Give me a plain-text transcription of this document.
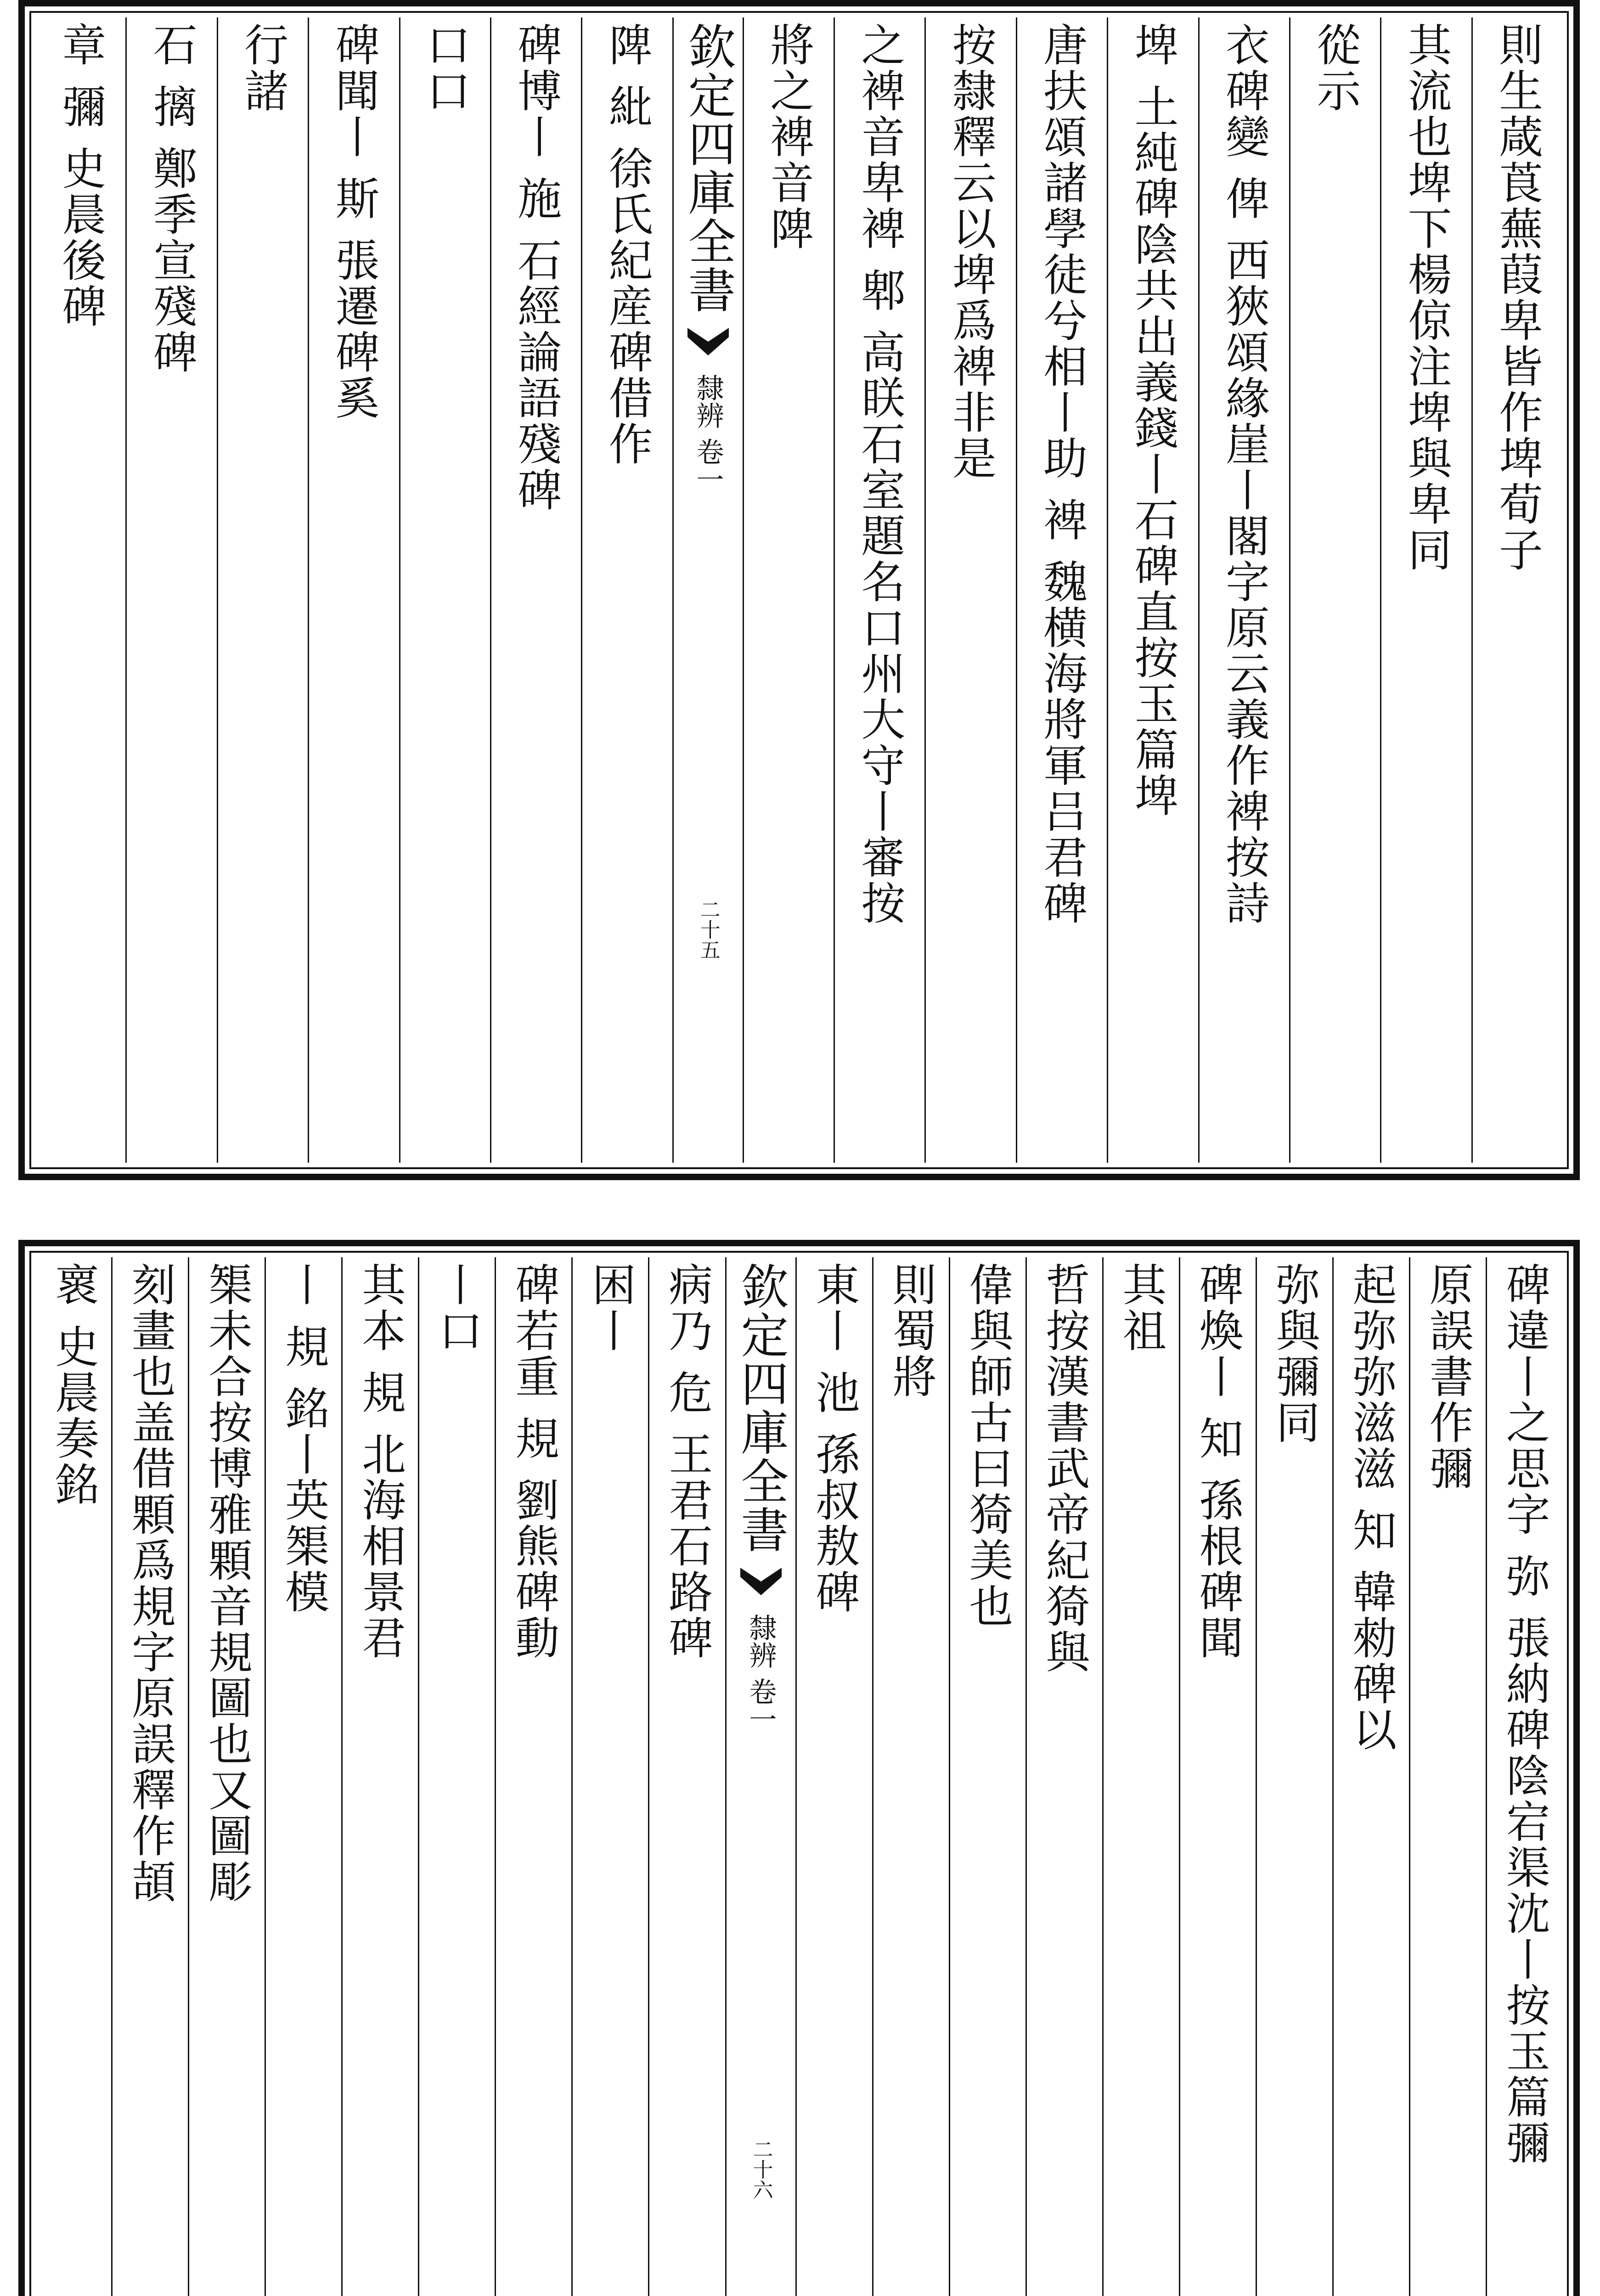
則生葴莨蕪葭卑皆作埤荀子
其流也埤下楊倞注埤與卑同
從示
衣碑變 俾 西狹頌緣崖丨閣字原云義作裨按詩
埤 土純碑陰共出義錢丨石碑直按玉篇埤
唐扶頌諸學徒兮相丨助 裨 魏横海將軍吕君碑
按隸釋云以埤爲裨非是
之裨音卑裨 郫 高眹石室題名口州大守丨審按
將之裨音陴
欽定四庫全書
隸辨 卷一
二十五
陴 紕 徐氏紀産碑借作
碑博丨 施 石經論語殘碑
口口
碑聞丨 斯 張遷碑奚
行諸
石 摛 鄭季宣殘碑
章 彌 史晨後碑
碑違丨之思字 弥 張納碑陰宕渠沈丨按玉篇彌
原誤書作彌
起弥弥滋滋 知 韓勑碑以
弥與彌同
碑煥丨 知 孫根碑聞
其祖
哲按漢書武帝紀猗與
偉與師古曰猗美也
則蜀將
東丨 池 孫叔敖碑
欽定四庫全書
隸辨 卷一
二十六
病乃 危 王君石路碑
困丨
碑若重 規 劉熊碑動
丨口
其本 規 北海相景君
丨 規 銘丨英榘模
榘未合按博雅顆音規圖也又圖彫
刻畫也盖借顆爲規字原誤釋作頡
褱 史晨奏銘
